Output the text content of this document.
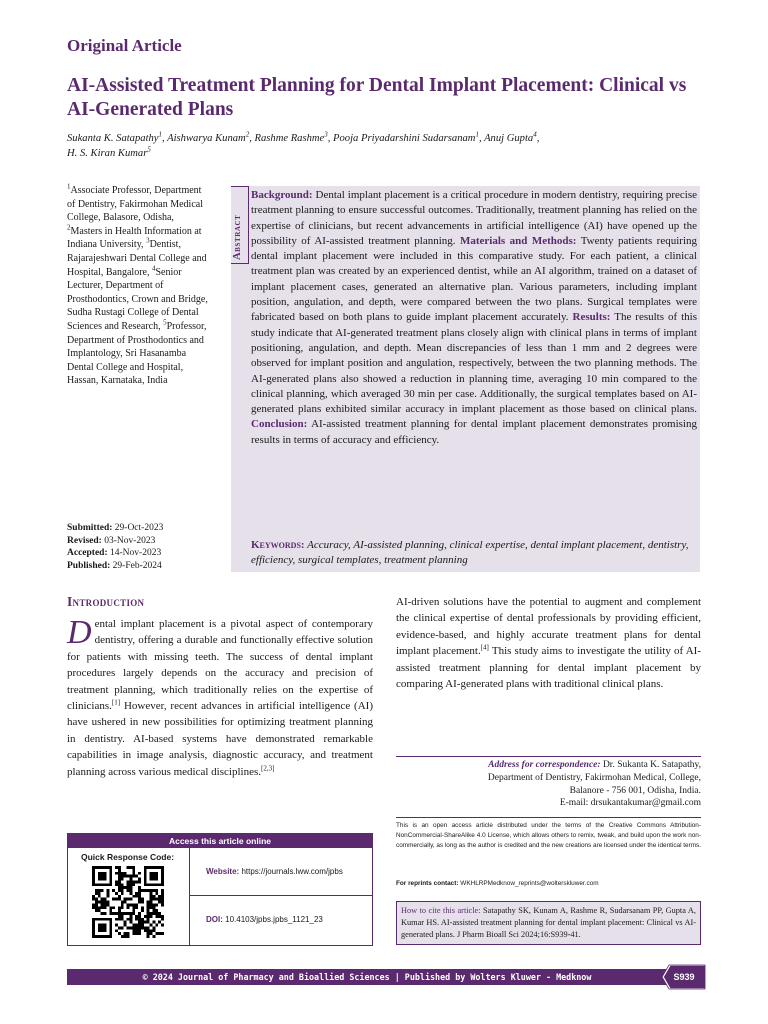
Original Article
AI-Assisted Treatment Planning for Dental Implant Placement: Clinical vs AI-Generated Plans
Sukanta K. Satapathy$^1$, Aishwarya Kunam$^2$, Rashme Rashme$^3$, Pooja Priyadarshini Sudarsanam$^1$, Anuj Gupta$^4$,
H. S. Kiran Kumar$^5$
$^1$Associate Professor, Department of Dentistry, Fakirmohan Medical College, Balasore, Odisha, $^2$Masters in Health Information at Indiana University, $^3$Dentist, Rajarajeshwari Dental College and Hospital, Bangalore, $^4$Senior Lecturer, Department of Prosthodontics, Crown and Bridge, Sudha Rustagi College of Dental Sciences and Research, $^5$Professor, Department of Prosthodontics and Implantology, Sri Hasanamba Dental College and Hospital, Hassan, Karnataka, India
Submitted: 29-Oct-2023
Revised: 03-Nov-2023
Accepted: 14-Nov-2023
Published: 29-Feb-2024
Abstract
Background: Dental implant placement is a critical procedure in modern dentistry, requiring precise treatment planning to ensure successful outcomes. Traditionally, treatment planning has relied on the expertise of clinicians, but recent advancements in artificial intelligence (AI) have opened up the possibility of AI-assisted treatment planning. Materials and Methods: Twenty patients requiring dental implant placement were included in this comparative study. For each patient, a clinical treatment plan was created by an experienced dentist, while an AI algorithm, trained on a dataset of implant placement cases, generated an alternative plan. Various parameters, including implant position, angulation, and depth, were compared between the two plans. Surgical templates were fabricated based on both plans to guide implant placement accurately. Results: The results of this study indicate that AI-generated treatment plans closely align with clinical plans in terms of implant positioning, angulation, and depth. Mean discrepancies of less than 1 mm and 2 degrees were observed for implant position and angulation, respectively, between the two planning methods. The AI-generated plans also showed a reduction in planning time, averaging 10 min compared to the clinical planning, which averaged 30 min per case. Additionally, the surgical templates based on AI-generated plans exhibited similar accuracy in implant placement as those based on clinical plans. Conclusion: AI-assisted treatment planning for dental implant placement demonstrates promising results in terms of accuracy and efficiency.
Keywords: Accuracy, AI-assisted planning, clinical expertise, dental implant placement, dentistry, efficiency, surgical templates, treatment planning
Introduction
Dental implant placement is a pivotal aspect of contemporary dentistry, offering a durable and functionally effective solution for patients with missing teeth. The success of dental implant procedures largely depends on the accuracy and precision of treatment planning, which traditionally relies on the expertise of clinicians.[1] However, recent advances in artificial intelligence (AI) have ushered in new possibilities for optimizing treatment planning in dentistry. AI-based systems have demonstrated remarkable capabilities in image analysis, diagnostic accuracy, and treatment planning across various medical disciplines.[2,3]
AI-driven solutions have the potential to augment and complement the clinical expertise of dental professionals by providing efficient, evidence-based, and highly accurate treatment plans for dental implant placement.[4] This study aims to investigate the utility of AI-assisted treatment planning for dental implant placement by comparing AI-generated plans with traditional clinical plans.
Address for correspondence: Dr. Sukanta K. Satapathy,
Department of Dentistry, Fakirmohan Medical, College,
Balanore - 756 001, Odisha, India.
E-mail: drsukantakumar@gmail.com
This is an open access article distributed under the terms of the Creative Commons Attribution-NonCommercial-ShareAlike 4.0 License, which allows others to remix, tweak, and build upon the work non-commercially, as long as the author is credited and the new creations are licensed under the identical terms.
For reprints contact: WKHLRPMedknow_reprints@wolterskluwer.com
How to cite this article: Satapathy SK, Kunam A, Rashme R, Sudarsanam PP, Gupta A, Kumar HS. AI-assisted treatment planning for dental implant placement: Clinical vs AI-generated plans. J Pharm Bioall Sci 2024;16:S939-41.
Access this article online
Quick Response Code:
Website: https://journals.lww.com/jpbs
DOI: 10.4103/jpbs.jpbs_1121_23
© 2024 Journal of Pharmacy and Bioallied Sciences | Published by Wolters Kluwer - Medknow	S939
